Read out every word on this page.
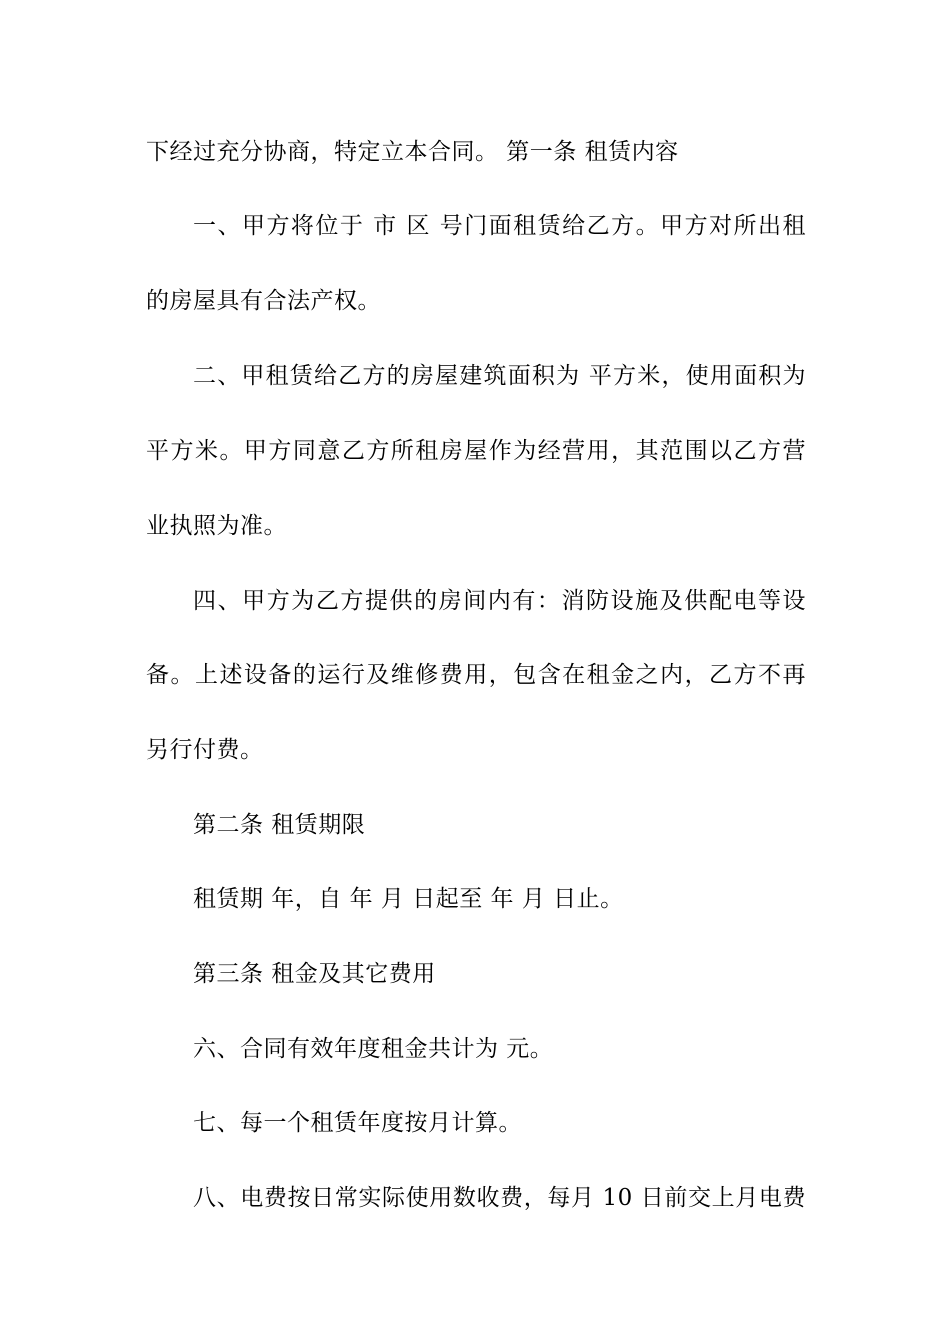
下经过充分协商，特定立本合同。 第一条 租赁内容
一、甲方将位于 市 区 号门面租赁给乙方。甲方对所出租
的房屋具有合法产权。
二、甲租赁给乙方的房屋建筑面积为 平方米，使用面积为
平方米。甲方同意乙方所租房屋作为经营用，其范围以乙方营
业执照为准。
四、甲方为乙方提供的房间内有：消防设施及供配电等设
备。上述设备的运行及维修费用，包含在租金之内，乙方不再
另行付费。
第二条 租赁期限
租赁期 年，自 年 月 日起至 年 月 日止。
第三条 租金及其它费用
六、合同有效年度租金共计为 元。
七、每一个租赁年度按月计算。
八、电费按日常实际使用数收费，每月 10 日前交上月电费
